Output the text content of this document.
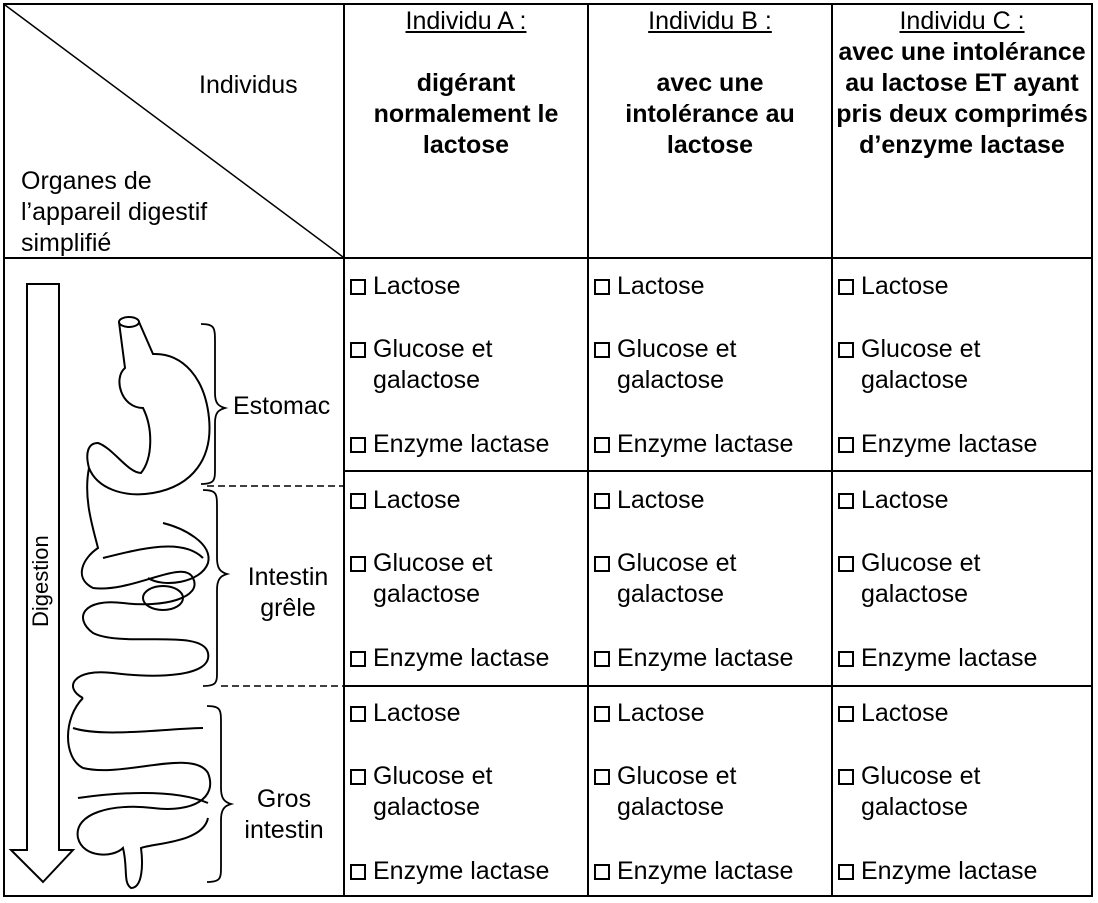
Individus
Organes de l’appareil digestif simplifié
Individu A :
digérant normalement le lactose
Individu B :
avec une intolérance au lactose
Individu C :
avec une intolérance au lactose ET ayant pris deux comprimés d’enzyme lactase
Digestion
Estomac
Intestin grêle
Gros intestin
Lactose
Glucose et
galactose
Enzyme lactase
Lactose
Glucose et
galactose
Enzyme lactase
Lactose
Glucose et
galactose
Enzyme lactase
Lactose
Glucose et
galactose
Enzyme lactase
Lactose
Glucose et
galactose
Enzyme lactase
Lactose
Glucose et
galactose
Enzyme lactase
Lactose
Glucose et
galactose
Enzyme lactase
Lactose
Glucose et
galactose
Enzyme lactase
Lactose
Glucose et
galactose
Enzyme lactase
